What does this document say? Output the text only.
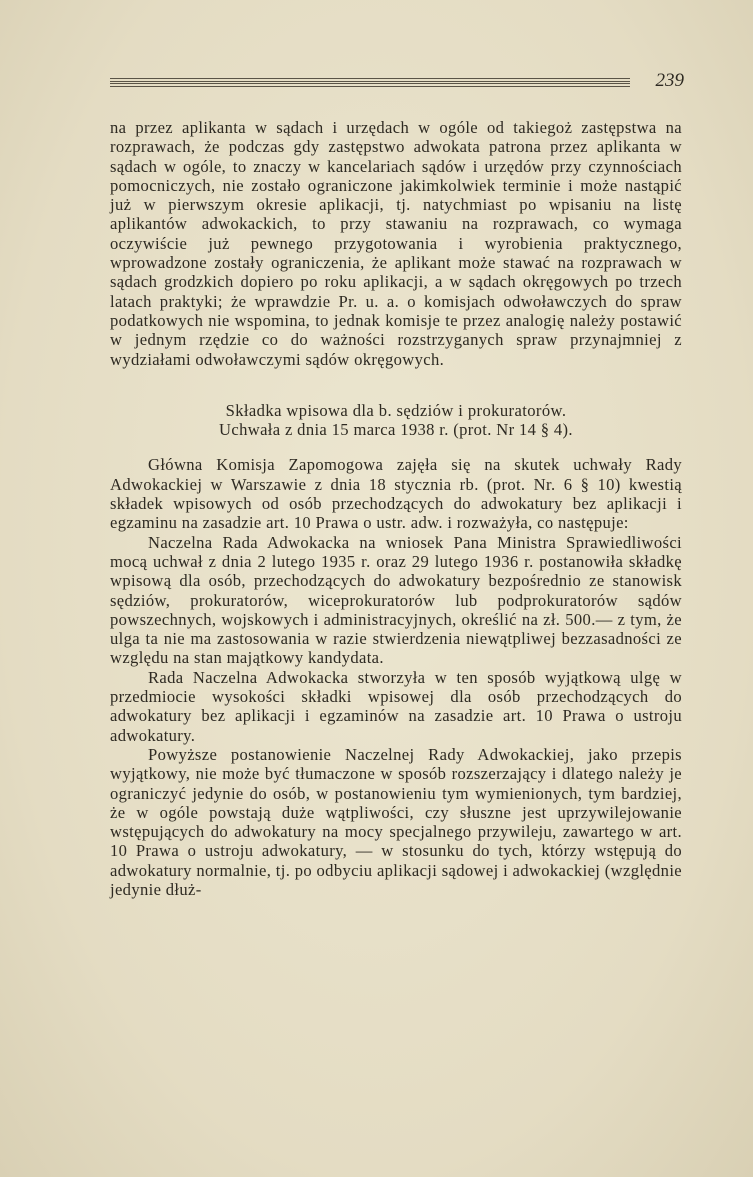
239

na przez aplikanta w sądach i urzędach w ogóle od takiegoż zastępstwa na rozprawach, że podczas gdy zastępstwo adwokata patrona przez aplikanta w sądach w ogóle, to znaczy w kancelariach sądów i urzędów przy czynnościach pomocniczych, nie zostało ograniczone jakimkolwiek terminie i może nastąpić już w pierwszym okresie aplikacji, tj. natychmiast po wpisaniu na listę aplikantów adwokackich, to przy stawaniu na rozprawach, co wymaga oczywiście już pewnego przygotowania i wyrobienia praktycznego, wprowadzone zostały ograniczenia, że aplikant może stawać na rozprawach w sądach grodzkich dopiero po roku aplikacji, a w sądach okręgowych po trzech latach praktyki; że wprawdzie Pr. u. a. o komisjach odwoławczych do spraw podatkowych nie wspomina, to jednak komisje te przez analogię należy postawić w jednym rzędzie co do ważności rozstrzyganych spraw przynajmniej z wydziałami odwoławczymi sądów okręgowych.

Składka wpisowa dla b. sędziów i prokuratorów.

Uchwała z dnia 15 marca 1938 r. (prot. Nr 14 § 4).

Główna Komisja Zapomogowa zajęła się na skutek uchwały Rady Adwokackiej w Warszawie z dnia 18 stycznia rb. (prot. Nr. 6 § 10) kwestią składek wpisowych od osób przechodzących do adwokatury bez aplikacji i egzaminu na zasadzie art. 10 Prawa o ustr. adw. i rozważyła, co następuje:

Naczelna Rada Adwokacka na wniosek Pana Ministra Sprawiedliwości mocą uchwał z dnia 2 lutego 1935 r. oraz 29 lutego 1936 r. postanowiła składkę wpisową dla osób, przechodzących do adwokatury bezpośrednio ze stanowisk sędziów, prokuratorów, wiceprokuratorów lub podprokuratorów sądów powszechnych, wojskowych i administracyjnych, określić na zł. 500.— z tym, że ulga ta nie ma zastosowania w razie stwierdzenia niewątpliwej bezzasadności ze względu na stan majątkowy kandydata.

Rada Naczelna Adwokacka stworzyła w ten sposób wyjątkową ulgę w przedmiocie wysokości składki wpisowej dla osób przechodzących do adwokatury bez aplikacji i egzaminów na zasadzie art. 10 Prawa o ustroju adwokatury.

Powyższe postanowienie Naczelnej Rady Adwokackiej, jako przepis wyjątkowy, nie może być tłumaczone w sposób rozszerzający i dlatego należy je ograniczyć jedynie do osób, w postanowieniu tym wymienionych, tym bardziej, że w ogóle powstają duże wątpliwości, czy słuszne jest uprzywilejowanie wstępujących do adwokatury na mocy specjalnego przywileju, zawartego w art. 10 Prawa o ustroju adwokatury, — w stosunku do tych, którzy wstępują do adwokatury normalnie, tj. po odbyciu aplikacji sądowej i adwokackiej (względnie jedynie dłuż-
